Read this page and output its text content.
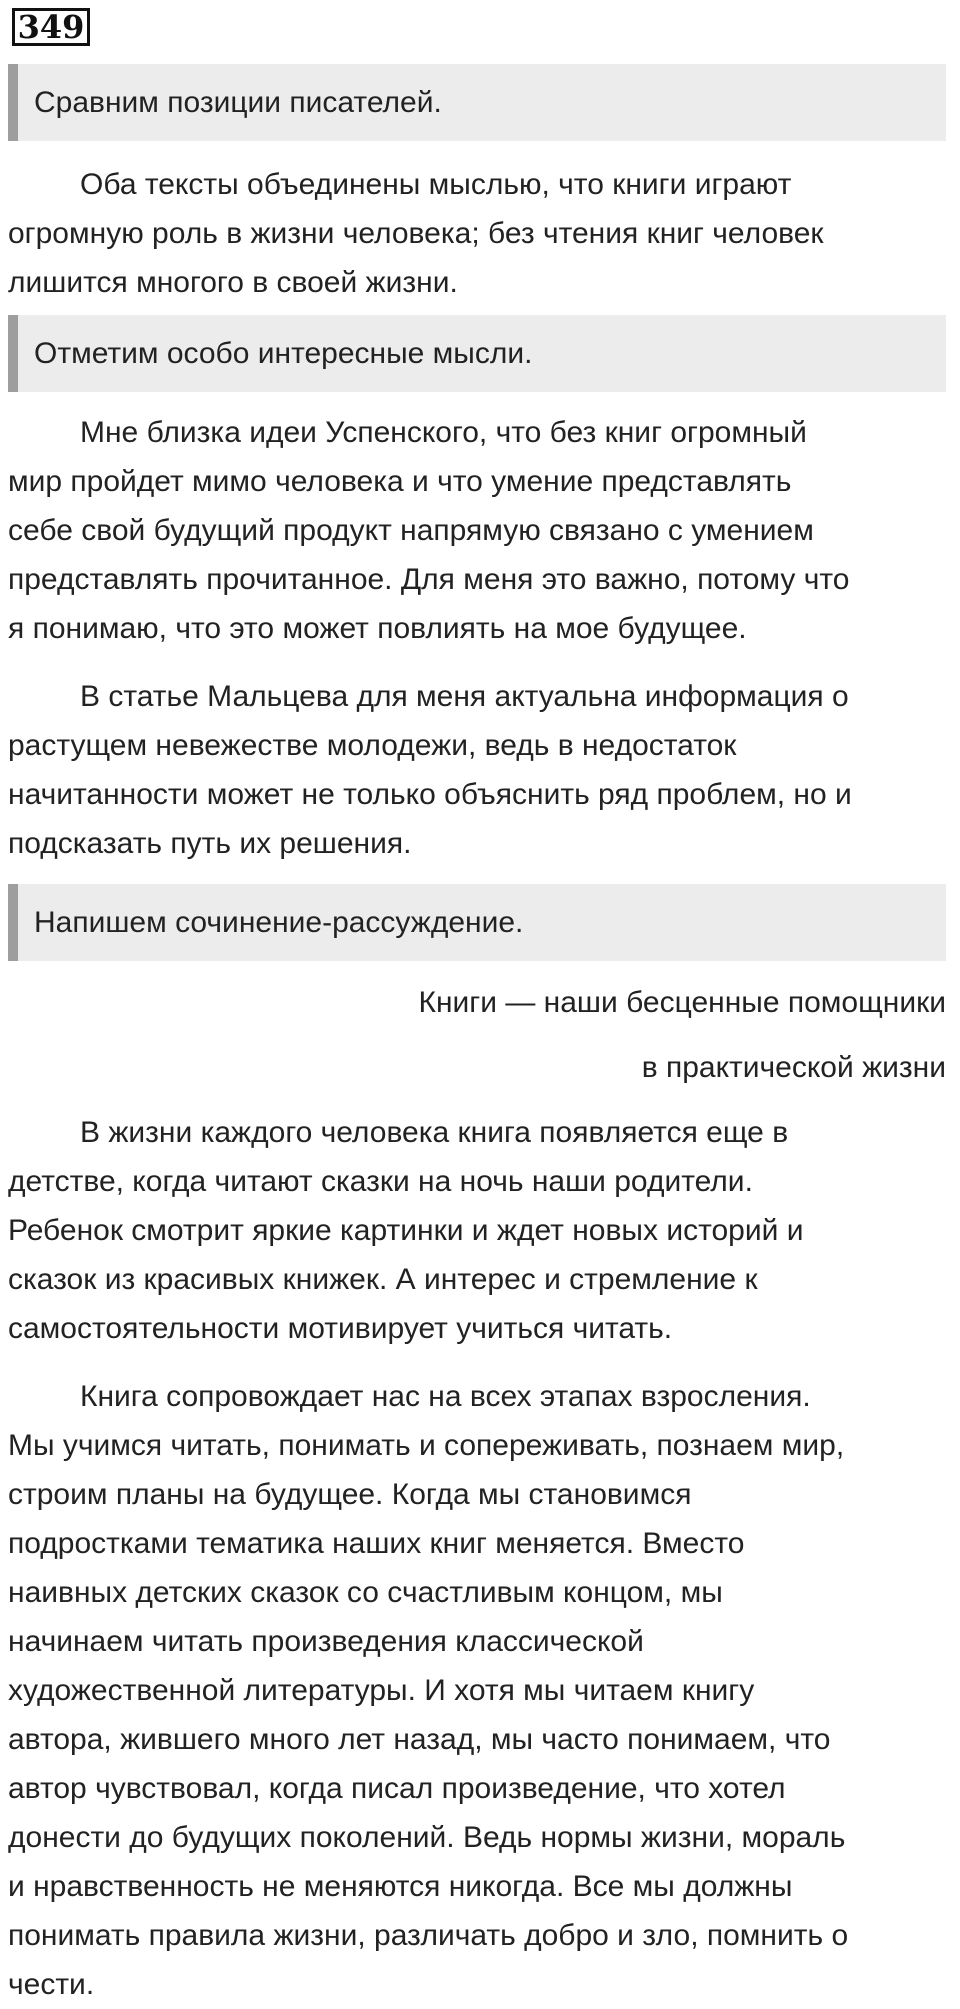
349
Сравним позиции писателей.
Оба тексты объединены мыслью, что книги играют
огромную роль в жизни человека; без чтения книг человек
лишится многого в своей жизни.
Отметим особо интересные мысли.
Мне близка идеи Успенского, что без книг огромный
мир пройдет мимо человека и что умение представлять
себе свой будущий продукт напрямую связано с умением
представлять прочитанное. Для меня это важно, потому что
я понимаю, что это может повлиять на мое будущее.
В статье Мальцева для меня актуальна информация о
растущем невежестве молодежи, ведь в недостаток
начитанности может не только объяснить ряд проблем, но и
подсказать путь их решения.
Напишем сочинение-рассуждение.
Книги — наши бесценные помощники
в практической жизни
В жизни каждого человека книга появляется еще в
детстве, когда читают сказки на ночь наши родители.
Ребенок смотрит яркие картинки и ждет новых историй и
сказок из красивых книжек. А интерес и стремление к
самостоятельности мотивирует учиться читать.
Книга сопровождает нас на всех этапах взросления.
Мы учимся читать, понимать и сопереживать, познаем мир,
строим планы на будущее. Когда мы становимся
подростками тематика наших книг меняется. Вместо
наивных детских сказок со счастливым концом, мы
начинаем читать произведения классической
художественной литературы. И хотя мы читаем книгу
автора, жившего много лет назад, мы часто понимаем, что
автор чувствовал, когда писал произведение, что хотел
донести до будущих поколений. Ведь нормы жизни, мораль
и нравственность не меняются никогда. Все мы должны
понимать правила жизни, различать добро и зло, помнить о
чести.
